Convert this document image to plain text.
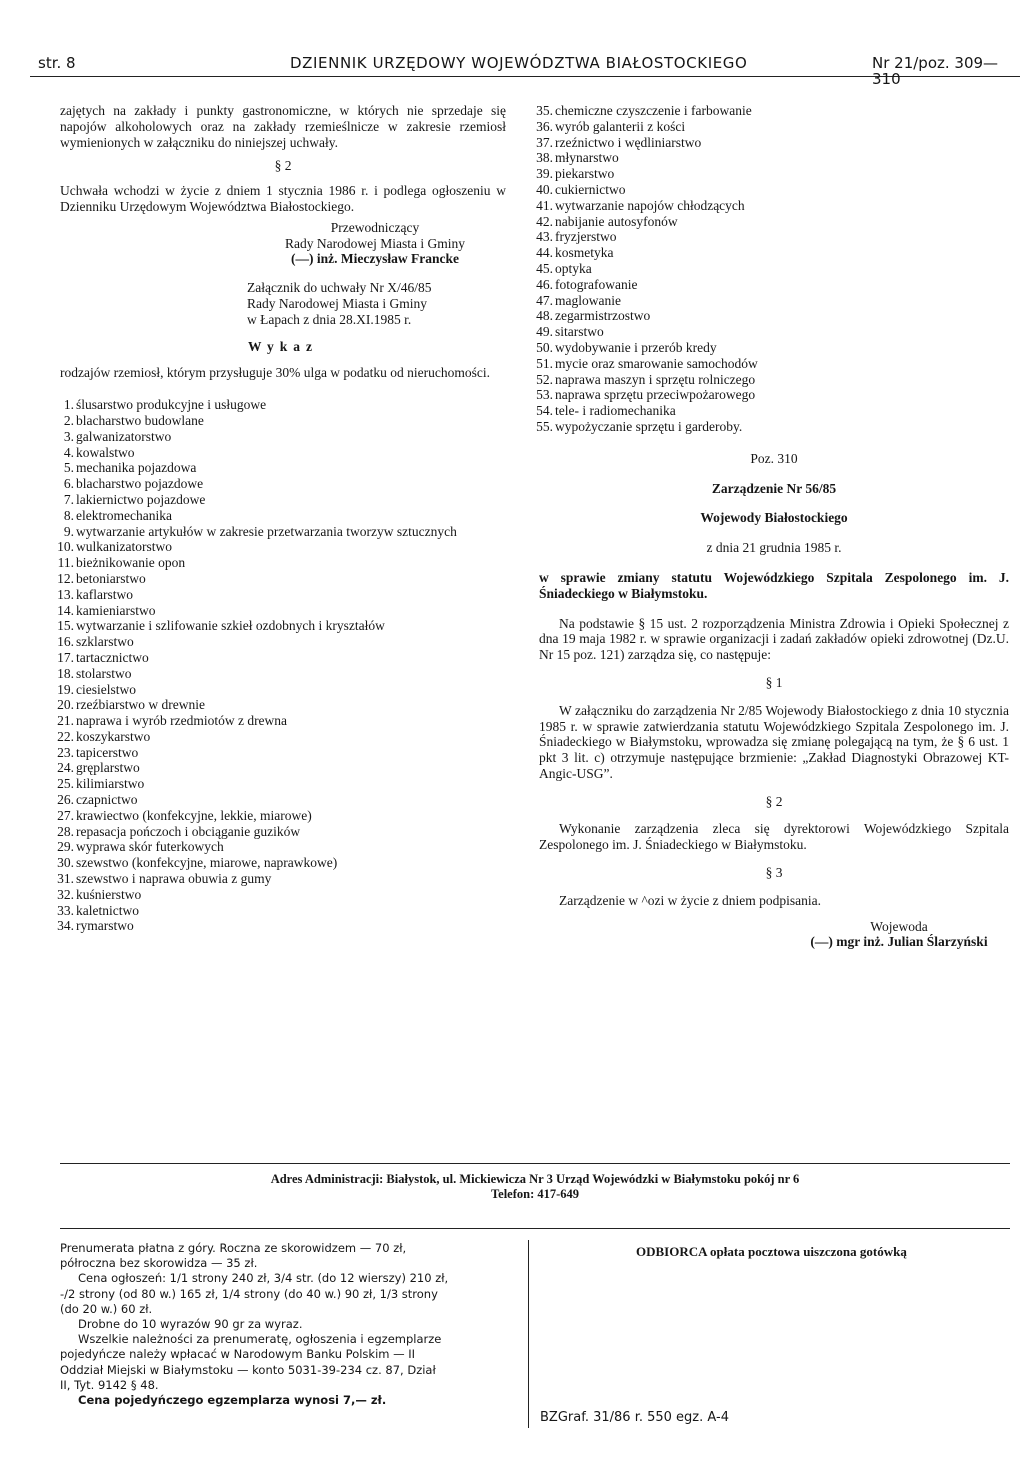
str. 8	DZIENNIK URZĘDOWY WOJEWÓDZTWA BIAŁOSTOCKIEGO	Nr 21/poz. 309—310

zajętych na zakłady i punkty gastronomiczne, w których nie sprzedaje się napojów alkoholowych oraz na zakłady rzemieślnicze w zakresie rzemiosł wymienionych w załączniku do niniejszej uchwały.

§ 2

Uchwała wchodzi w życie z dniem 1 stycznia 1986 r. i podlega ogłoszeniu w Dzienniku Urzędowym Województwa Białostockiego.

Przewodniczący
Rady Narodowej Miasta i Gminy
(—) inż. Mieczysław Francke
Załącznik do uchwały Nr X/46/85
Rady Narodowej Miasta i Gminy
w Łapach z dnia 28.XI.1985 r.

Wykaz

rodzajów rzemiosł, którym przysługuje 30% ulga w podatku od nieruchomości.

1. ślusarstwo produkcyjne i usługowe
2. blacharstwo budowlane
3. galwanizatorstwo
4. kowalstwo
5. mechanika pojazdowa
6. blacharstwo pojazdowe
7. lakiernictwo pojazdowe
8. elektromechanika
9. wytwarzanie artykułów w zakresie przetwarzania tworzyw sztucznych
10. wulkanizatorstwo
11. bieżnikowanie opon
12. betoniarstwo
13. kaflarstwo
14. kamieniarstwo
15. wytwarzanie i szlifowanie szkieł ozdobnych i kryształów
16. szklarstwo
17. tartacznictwo
18. stolarstwo
19. ciesielstwo
20. rzeźbiarstwo w drewnie
21. naprawa i wyrób rzedmiotów z drewna
22. koszykarstwo
23. tapicerstwo
24. gręplarstwo
25. kilimiarstwo
26. czapnictwo
27. krawiectwo (konfekcyjne, lekkie, miarowe)
28. repasacja pończoch i obciąganie guzików
29. wyprawa skór futerkowych
30. szewstwo (konfekcyjne, miarowe, naprawkowe)
31. szewstwo i naprawa obuwia z gumy
32. kuśnierstwo
33. kaletnictwo
34. rymarstwo
35. chemiczne czyszczenie i farbowanie
36. wyrób galanterii z kości
37. rzeźnictwo i wędliniarstwo
38. młynarstwo
39. piekarstwo
40. cukiernictwo
41. wytwarzanie napojów chłodzących
42. nabijanie autosyfonów
43. fryzjerstwo
44. kosmetyka
45. optyka
46. fotografowanie
47. maglowanie
48. zegarmistrzostwo
49. sitarstwo
50. wydobywanie i przerób kredy
51. mycie oraz smarowanie samochodów
52. naprawa maszyn i sprzętu rolniczego
53. naprawa sprzętu przeciwpożarowego
54. tele- i radiomechanika
55. wypożyczanie sprzętu i garderoby.

Poz. 310

Zarządzenie Nr 56/85

Wojewody Białostockiego

z dnia 21 grudnia 1985 r.

w sprawie zmiany statutu Wojewódzkiego Szpitala Zespolonego im. J. Śniadeckiego w Białymstoku.

Na podstawie § 15 ust. 2 rozporządzenia Ministra Zdrowia i Opieki Społecznej z dna 19 maja 1982 r. w sprawie organizacji i zadań zakładów opieki zdrowotnej (Dz.U. Nr 15 poz. 121) zarządza się, co następuje:

§ 1

W załączniku do zarządzenia Nr 2/85 Wojewody Białostockiego z dnia 10 stycznia 1985 r. w sprawie zatwierdzania statutu Wojewódzkiego Szpitala Zespolonego im. J. Śniadeckiego w Białymstoku, wprowadza się zmianę polegającą na tym, że § 6 ust. 1 pkt 3 lit. c) otrzymuje następujące brzmienie: „Zakład Diagnostyki Obrazowej KT-Angic-USG”.

§ 2

Wykonanie zarządzenia zleca się dyrektorowi Wojewódzkiego Szpitala Zespolonego im. J. Śniadeckiego w Białymstoku.

§ 3

Zarządzenie w ^ozi w życie z dniem podpisania.

Wojewoda
(—) mgr inż. Julian Ślarzyński
Adres Administracji: Białystok, ul. Mickiewicza Nr 3 Urząd Wojewódzki w Białymstoku pokój nr 6
Telefon: 417-649
Prenumerata płatna z góry. Roczna ze skorowidzem — 70 zł,
półroczna bez skorowidza — 35 zł.
Cena ogłoszeń: 1/1 strony 240 zł, 3/4 str. (do 12 wierszy) 210 zł,
-/2 strony (od 80 w.) 165 zł, 1/4 strony (do 40 w.) 90 zł, 1/3 strony
(do 20 w.) 60 zł.
Drobne do 10 wyrazów 90 gr za wyraz.
Wszelkie należności za prenumeratę, ogłoszenia i egzemplarze
pojedyńcze należy wpłacać w Narodowym Banku Polskim — II
Oddział Miejski w Białymstoku — konto 5031-39-234 cz. 87, Dział
II, Tyt. 9142 § 48.
Cena pojedyńczego egzemplarza wynosi 7,— zł.
ODBIORCA opłata pocztowa uiszczona gotówką
BZGraf. 31/86 r. 550 egz. A-4
